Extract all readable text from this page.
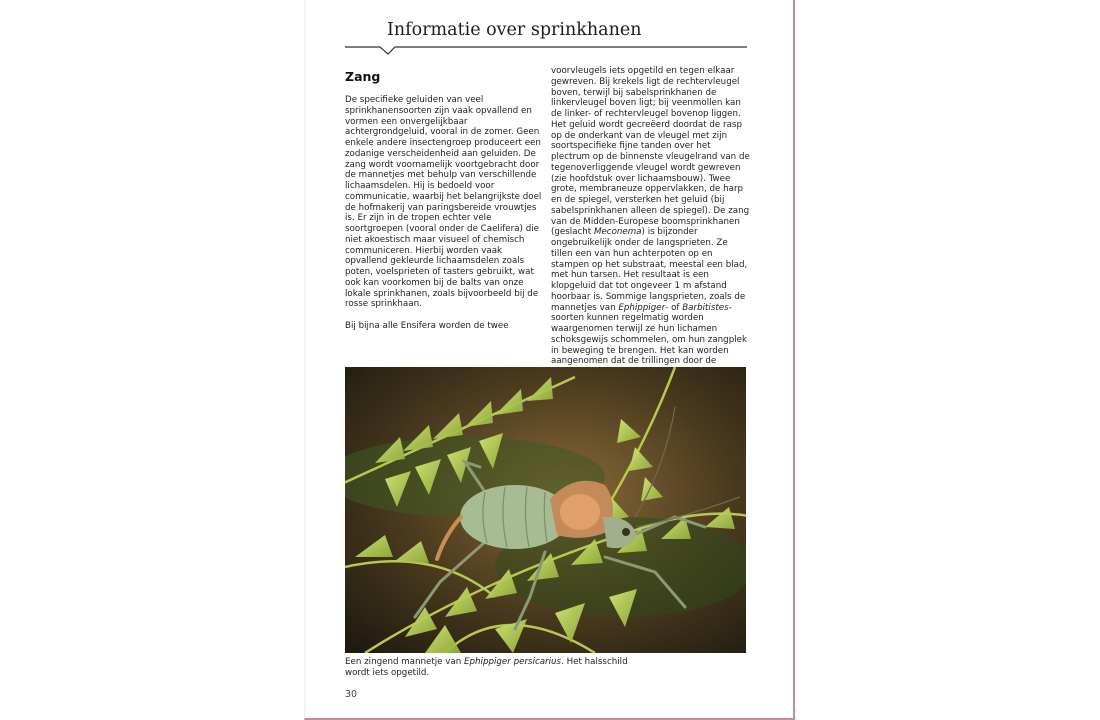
Informatie over sprinkhanen
Zang

De specifieke geluiden van veel sprinkhanensoorten zijn vaak opvallend en vormen een onvergelijkbaar achtergrondgeluid, vooral in de zomer. Geen enkele andere insectengroep produceert een zodanige verscheidenheid aan geluiden. De zang wordt voornamelijk voortgebracht door de mannetjes met behulp van verschillende lichaamsdelen. Hij is bedoeld voor communicatie, waarbij het belangrijkste doel de hofmakerij van paringsbereide vrouwtjes is. Er zijn in de tropen echter vele soortgroepen (vooral onder de Caelifera) die niet akoestisch maar visueel of chemisch communiceren. Hierbij worden vaak opvallend gekleurde lichaamsdelen zoals poten, voelsprieten of tasters gebruikt, wat ook kan voorkomen bij de balts van onze lokale sprinkhanen, zoals bijvoorbeeld bij de rosse sprinkhaan.

Bij bijna alle Ensifera worden de twee

voorvleugels iets opgetild en tegen elkaar gewreven. Bij krekels ligt de rechtervleugel boven, terwijl bij sabelsprinkhanen de linkervleugel boven ligt; bij veenmollen kan de linker- of rechtervleugel bovenop liggen. Het geluid wordt gecreëerd doordat de rasp op de onderkant van de vleugel met zijn soortspecifieke fijne tanden over het plectrum op de binnenste vleugelrand van de tegenoverliggende vleugel wordt gewreven (zie hoofdstuk over lichaamsbouw). Twee grote, membraneuze oppervlakken, de harp en de spiegel, versterken het geluid (bij sabelsprinkhanen alleen de spiegel). De zang van de Midden-Europese boomsprinkhanen (geslacht Meconema) is bijzonder ongebruikelijk onder de langsprieten. Ze tillen een van hun achterpoten op en stampen op het substraat, meestal een blad, met hun tarsen. Het resultaat is een klopgeluid dat tot ongeveer 1 m afstand hoorbaar is. Sommige langsprieten, zoals de mannetjes van Ephippiger- of Barbitistes-soorten kunnen regelmatig worden waargenomen terwijl ze hun lichamen schoksgewijs schommelen, om hun zangplek in beweging te brengen. Het kan worden aangenomen dat de trillingen door de

Een zingend mannetje van Ephippiger persicarius. Het halsschild wordt iets opgetild.

30
